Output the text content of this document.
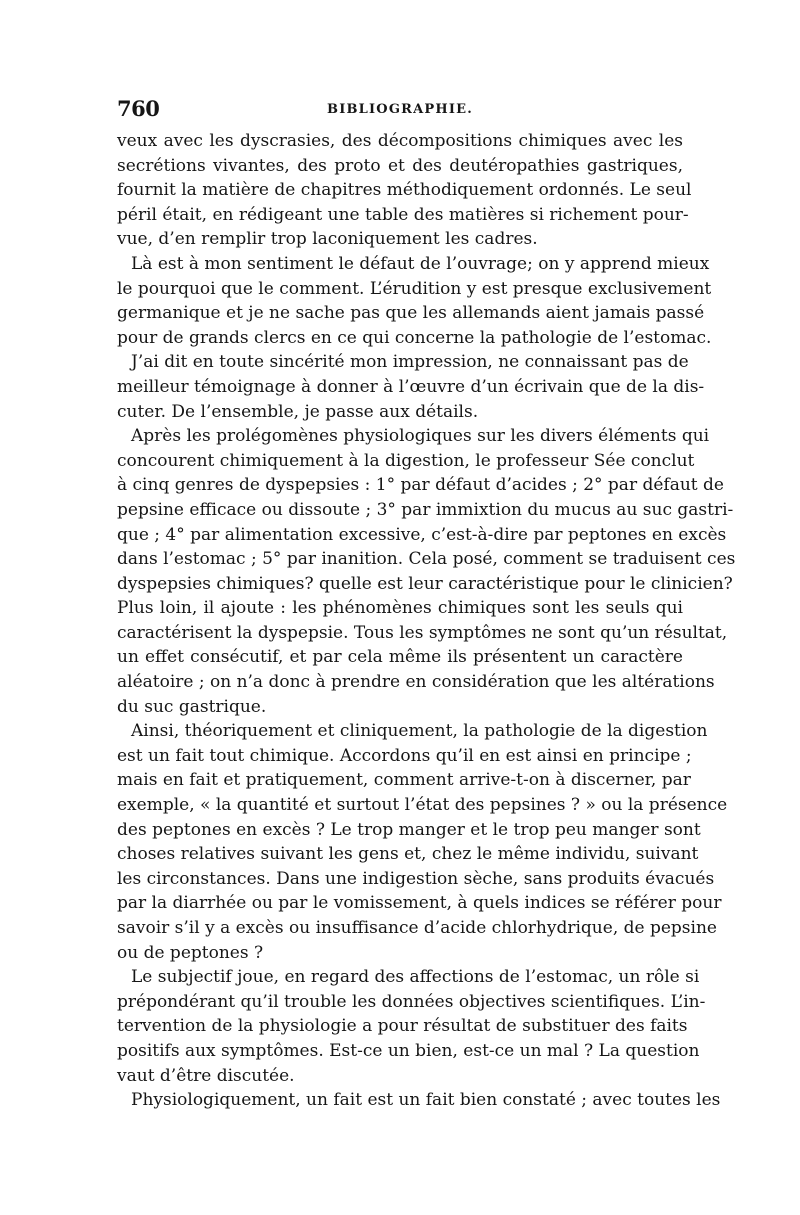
760	BIBLIOGRAPHIE.
veux avec les dyscrasies, des décompositions chimiques avec les
secrétions vivantes, des proto et des deutéropathies gastriques,
fournit la matière de chapitres méthodiquement ordonnés. Le seul
péril était, en rédigeant une table des matières si richement pour-
vue, d’en remplir trop laconiquement les cadres.
Là est à mon sentiment le défaut de l’ouvrage; on y apprend mieux
le pourquoi que le comment. L’érudition y est presque exclusivement
germanique et je ne sache pas que les allemands aient jamais passé
pour de grands clercs en ce qui concerne la pathologie de l’estomac.
J’ai dit en toute sincérité mon impression, ne connaissant pas de
meilleur témoignage à donner à l’œuvre d’un écrivain que de la dis-
cuter. De l’ensemble, je passe aux détails.
Après les prolégomènes physiologiques sur les divers éléments qui
concourent chimiquement à la digestion, le professeur Sée conclut
à cinq genres de dyspepsies : 1° par défaut d’acides ; 2° par défaut de
pepsine efficace ou dissoute ; 3° par immixtion du mucus au suc gastri-
que ; 4° par alimentation excessive, c’est-à-dire par peptones en excès
dans l’estomac ; 5° par inanition. Cela posé, comment se traduisent ces
dyspepsies chimiques? quelle est leur caractéristique pour le clinicien?
Plus loin, il ajoute : les phénomènes chimiques sont les seuls qui
caractérisent la dyspepsie. Tous les symptômes ne sont qu’un résultat,
un effet consécutif, et par cela même ils présentent un caractère
aléatoire ; on n’a donc à prendre en considération que les altérations
du suc gastrique.
Ainsi, théoriquement et cliniquement, la pathologie de la digestion
est un fait tout chimique. Accordons qu’il en est ainsi en principe ;
mais en fait et pratiquement, comment arrive-t-on à discerner, par
exemple, « la quantité et surtout l’état des pepsines ? » ou la présence
des peptones en excès ? Le trop manger et le trop peu manger sont
choses relatives suivant les gens et, chez le même individu, suivant
les circonstances. Dans une indigestion sèche, sans produits évacués
par la diarrhée ou par le vomissement, à quels indices se référer pour
savoir s’il y a excès ou insuffisance d’acide chlorhydrique, de pepsine
ou de peptones ?
Le subjectif joue, en regard des affections de l’estomac, un rôle si
prépondérant qu’il trouble les données objectives scientifiques. L’in-
tervention de la physiologie a pour résultat de substituer des faits
positifs aux symptômes. Est-ce un bien, est-ce un mal ? La question
vaut d’être discutée.
Physiologiquement, un fait est un fait bien constaté ; avec toutes les
